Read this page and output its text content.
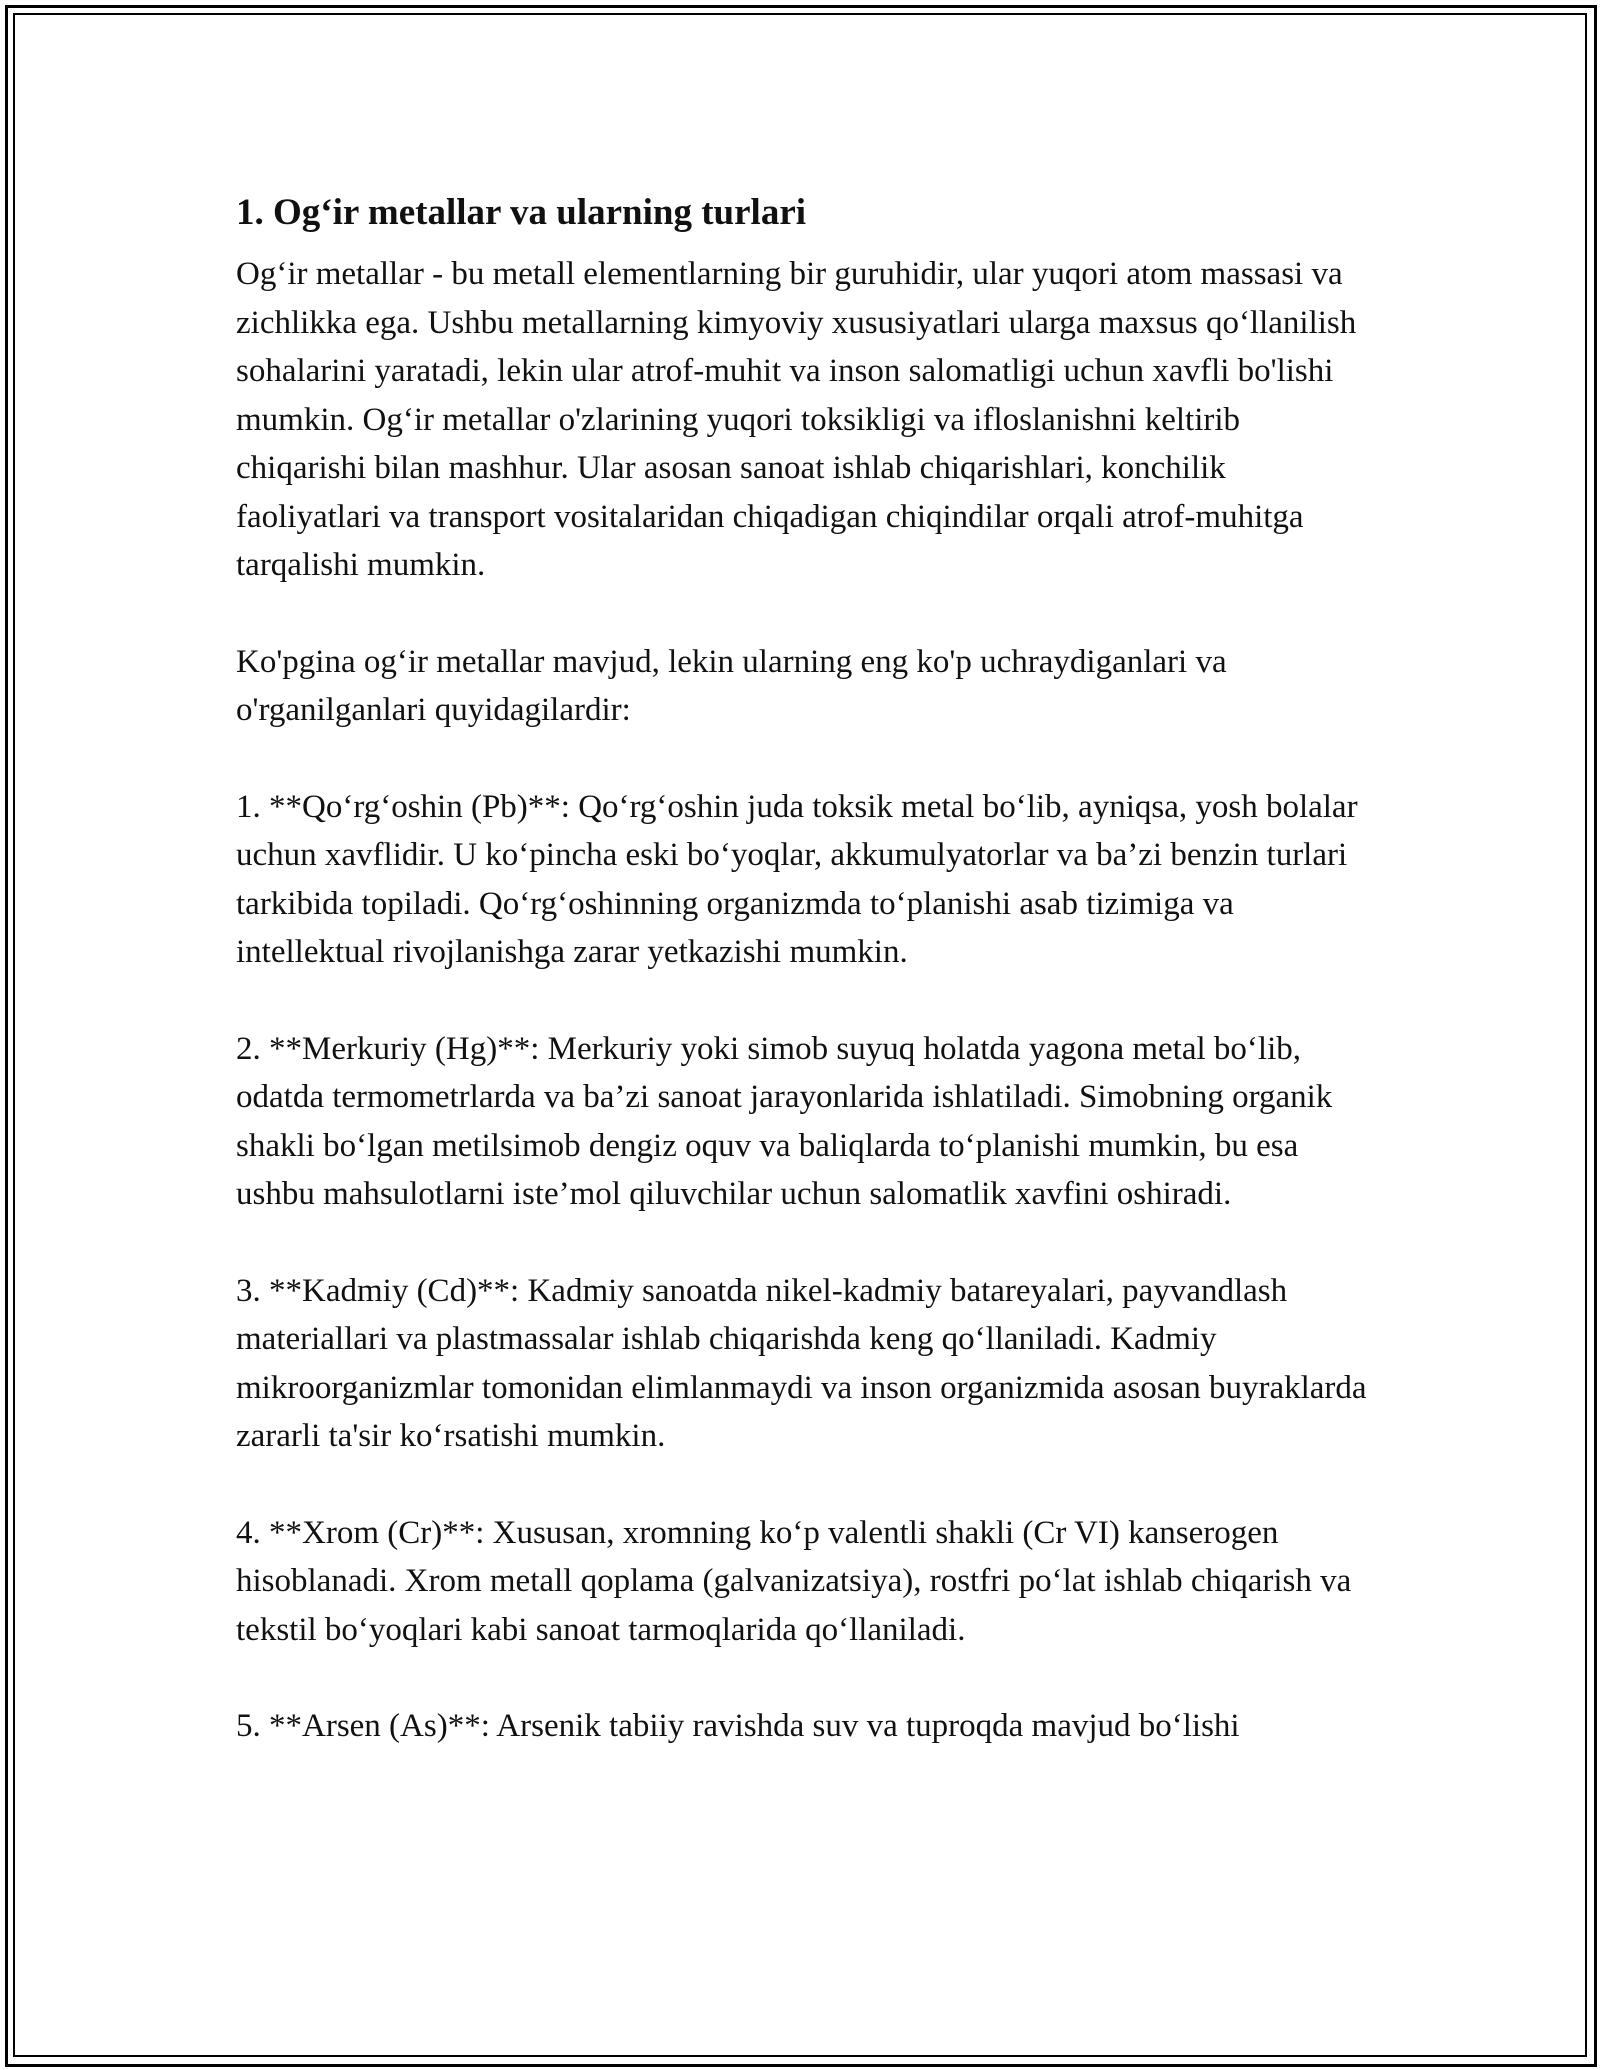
1. Og‘ir metallar va ularning turlari

Og‘ir metallar - bu metall elementlarning bir guruhidir, ular yuqori atom massasi va zichlikka ega. Ushbu metallarning kimyoviy xususiyatlari ularga maxsus qo‘llanilish sohalarini yaratadi, lekin ular atrof-muhit va inson salomatligi uchun xavfli bo'lishi mumkin. Og‘ir metallar o'zlarining yuqori toksikligi va ifloslanishni keltirib chiqarishi bilan mashhur. Ular asosan sanoat ishlab chiqarishlari, konchilik faoliyatlari va transport vositalaridan chiqadigan chiqindilar orqali atrof-muhitga tarqalishi mumkin.

Ko'pgina og‘ir metallar mavjud, lekin ularning eng ko'p uchraydiganlari va o'rganilganlari quyidagilardir:

1. **Qo‘rg‘oshin (Pb)**: Qo‘rg‘oshin juda toksik metal bo‘lib, ayniqsa, yosh bolalar uchun xavflidir. U ko‘pincha eski bo‘yoqlar, akkumulyatorlar va ba’zi benzin turlari tarkibida topiladi. Qo‘rg‘oshinning organizmda to‘planishi asab tizimiga va intellektual rivojlanishga zarar yetkazishi mumkin.

2. **Merkuriy (Hg)**: Merkuriy yoki simob suyuq holatda yagona metal bo‘lib, odatda termometrlarda va ba’zi sanoat jarayonlarida ishlatiladi. Simobning organik shakli bo‘lgan metilsimob dengiz oquv va baliqlarda to‘planishi mumkin, bu esa ushbu mahsulotlarni iste’mol qiluvchilar uchun salomatlik xavfini oshiradi.

3. **Kadmiy (Cd)**: Kadmiy sanoatda nikel-kadmiy batareyalari, payvandlash materiallari va plastmassalar ishlab chiqarishda keng qo‘llaniladi. Kadmiy mikroorganizmlar tomonidan elimlanmaydi va inson organizmida asosan buyraklarda zararli ta'sir ko‘rsatishi mumkin.

4. **Xrom (Cr)**: Xususan, xromning ko‘p valentli shakli (Cr VI) kanserogen hisoblanadi. Xrom metall qoplama (galvanizatsiya), rostfri po‘lat ishlab chiqarish va tekstil bo‘yoqlari kabi sanoat tarmoqlarida qo‘llaniladi.

5. **Arsen (As)**: Arsenik tabiiy ravishda suv va tuproqda mavjud bo‘lishi
